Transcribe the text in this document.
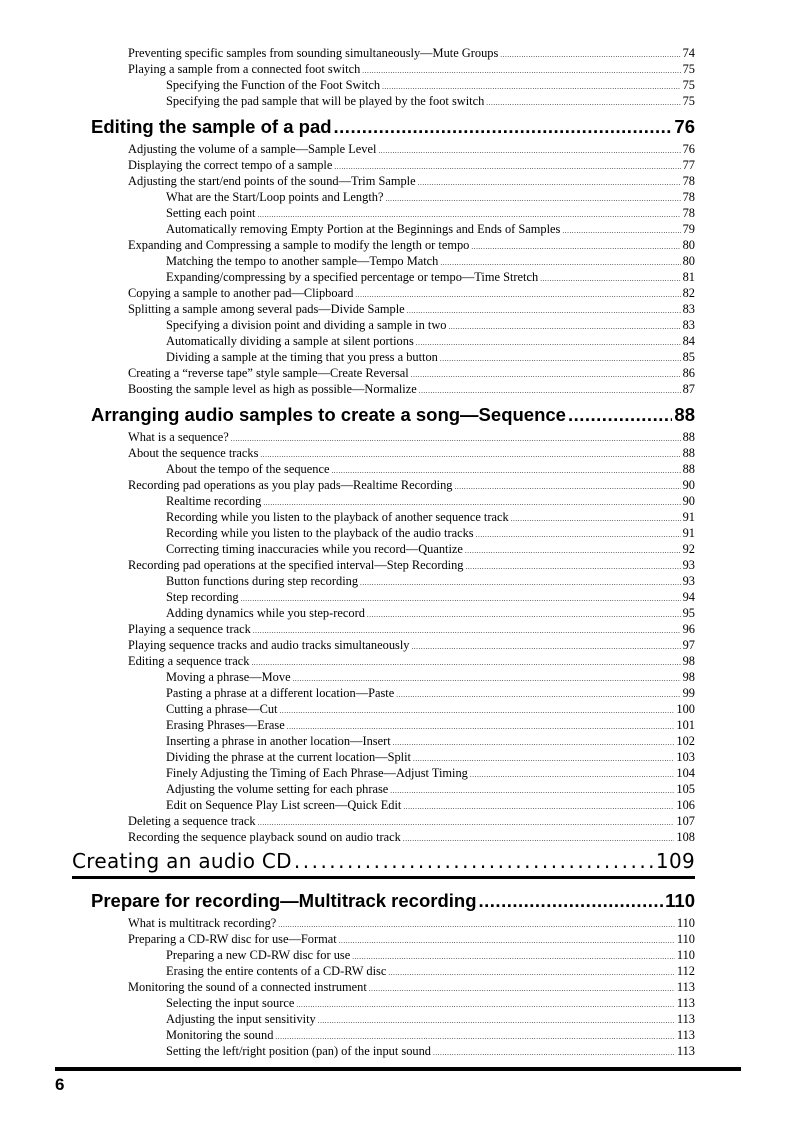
Preventing specific samples from sounding simultaneously—Mute Groups .....	74
Playing a sample from a connected foot switch .....	75
Specifying the Function of the Foot Switch .....	75
Specifying the pad sample that will be played by the foot switch .....	75
Editing the sample of a pad .....	76
Adjusting the volume of a sample—Sample Level .....	76
Displaying the correct tempo of a sample .....	77
Adjusting the start/end points of the sound—Trim Sample .....	78
What are the Start/Loop points and Length? .....	78
Setting each point .....	78
Automatically removing Empty Portion at the Beginnings and Ends of Samples .....	79
Expanding and Compressing a sample to modify the length or tempo .....	80
Matching the tempo to another sample—Tempo Match .....	80
Expanding/compressing by a specified percentage or tempo—Time Stretch .....	81
Copying a sample to another pad—Clipboard .....	82
Splitting a sample among several pads—Divide Sample .....	83
Specifying a division point and dividing a sample in two .....	83
Automatically dividing a sample at silent portions .....	84
Dividing a sample at the timing that you press a button .....	85
Creating a “reverse tape” style sample—Create Reversal .....	86
Boosting the sample level as high as possible—Normalize .....	87
Arranging audio samples to create a song—Sequence .....	88
What is a sequence? .....	88
About the sequence tracks .....	88
About the tempo of the sequence .....	88
Recording pad operations as you play pads—Realtime Recording .....	90
Realtime recording .....	90
Recording while you listen to the playback of another sequence track .....	91
Recording while you listen to the playback of the audio tracks .....	91
Correcting timing inaccuracies while you record—Quantize .....	92
Recording pad operations at the specified interval—Step Recording .....	93
Button functions during step recording .....	93
Step recording .....	94
Adding dynamics while you step-record .....	95
Playing a sequence track .....	96
Playing sequence tracks and audio tracks simultaneously .....	97
Editing a sequence track .....	98
Moving a phrase—Move .....	98
Pasting a phrase at a different location—Paste .....	99
Cutting a phrase—Cut .....	100
Erasing Phrases—Erase .....	101
Inserting a phrase in another location—Insert .....	102
Dividing the phrase at the current location—Split .....	103
Finely Adjusting the Timing of Each Phrase—Adjust Timing .....	104
Adjusting the volume setting for each phrase .....	105
Edit on Sequence Play List screen—Quick Edit .....	106
Deleting a sequence track .....	107
Recording the sequence playback sound on audio track .....	108
Creating an audio CD .....	109
Prepare for recording—Multitrack recording .....	110
What is multitrack recording? .....	110
Preparing a CD-RW disc for use—Format .....	110
Preparing a new CD-RW disc for use .....	110
Erasing the entire contents of a CD-RW disc .....	112
Monitoring the sound of a connected instrument .....	113
Selecting the input source .....	113
Adjusting the input sensitivity .....	113
Monitoring the sound .....	113
Setting the left/right position (pan) of the input sound .....	113
6
